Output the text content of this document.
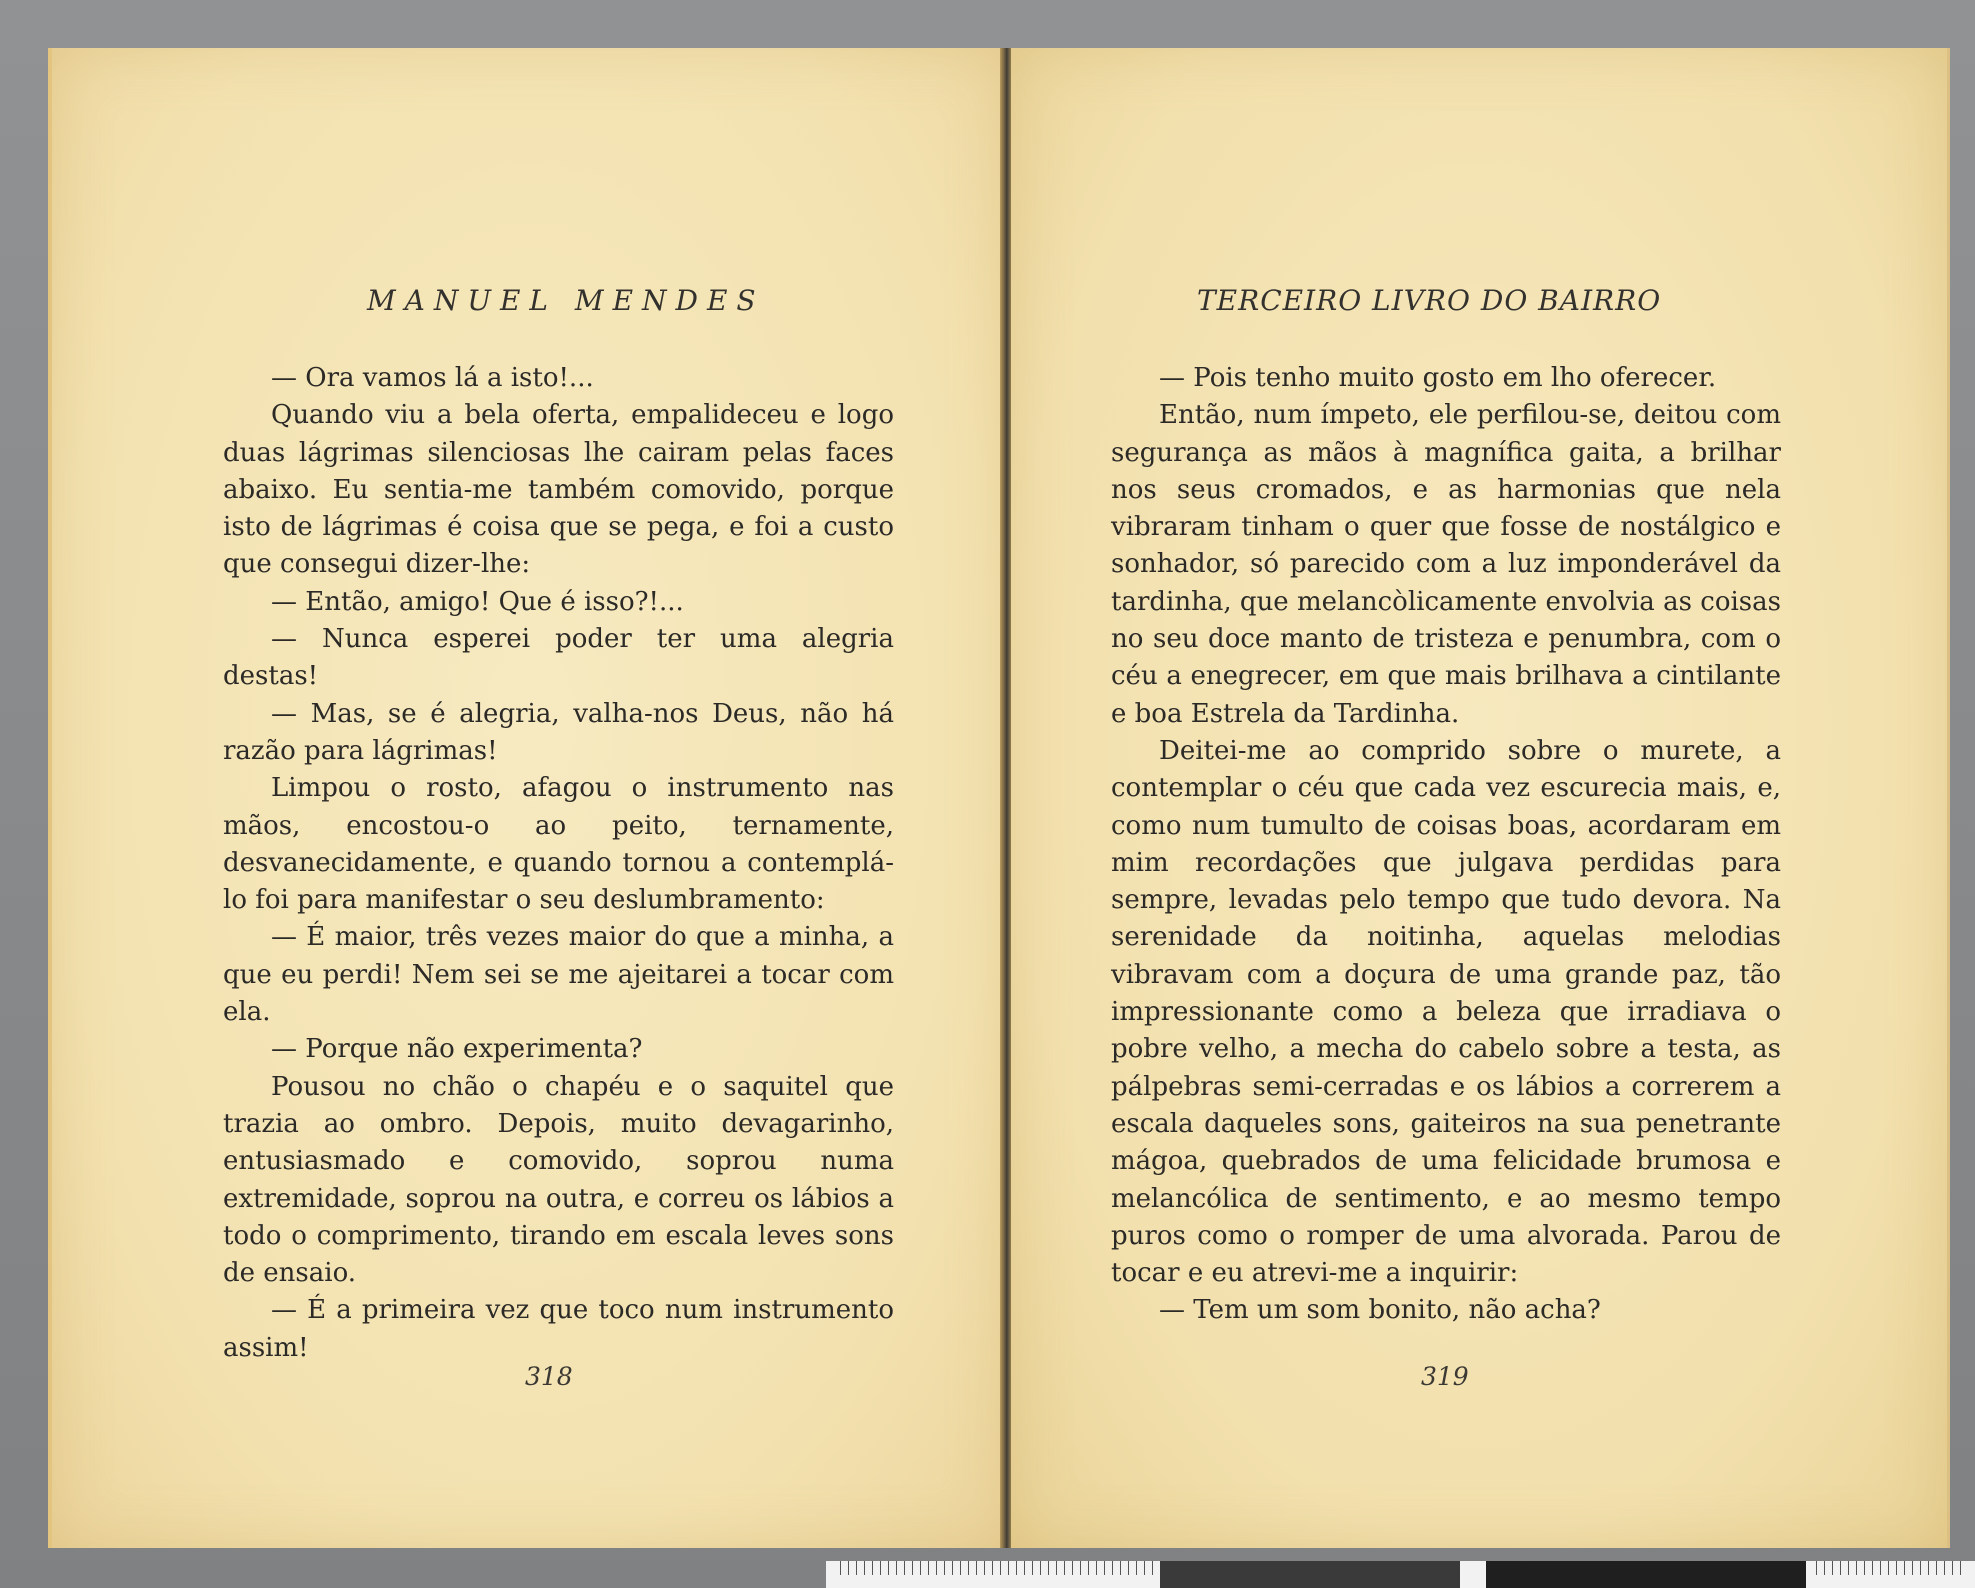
MANUEL MENDES

— Ora vamos lá a isto!...

Quando viu a bela oferta, empalideceu e logo duas lágrimas silenciosas lhe cairam pelas faces abaixo. Eu sentia-me também comovido, porque isto de lágrimas é coisa que se pega, e foi a custo que consegui dizer-lhe:

— Então, amigo! Que é isso?!...

— Nunca esperei poder ter uma alegria destas!

— Mas, se é alegria, valha-nos Deus, não há razão para lágrimas!

Limpou o rosto, afagou o instrumento nas mãos, encostou-o ao peito, ternamente, desvanecidamente, e quando tornou a contemplá-lo foi para manifestar o seu deslumbramento:

— É maior, três vezes maior do que a minha, a que eu perdi! Nem sei se me ajeitarei a tocar com ela.

— Porque não experimenta?

Pousou no chão o chapéu e o saquitel que trazia ao ombro. Depois, muito devagarinho, entusiasmado e comovido, soprou numa extremidade, soprou na outra, e correu os lábios a todo o comprimento, tirando em escala leves sons de ensaio.

— É a primeira vez que toco num instrumento assim!

318
TERCEIRO LIVRO DO BAIRRO

— Pois tenho muito gosto em lho oferecer.

Então, num ímpeto, ele perfilou-se, deitou com segurança as mãos à magnífica gaita, a brilhar nos seus cromados, e as harmonias que nela vibraram tinham o quer que fosse de nostálgico e sonhador, só parecido com a luz imponderável da tardinha, que melancòlicamente envolvia as coisas no seu doce manto de tristeza e penumbra, com o céu a enegrecer, em que mais brilhava a cintilante e boa Estrela da Tardinha.

Deitei-me ao comprido sobre o murete, a contemplar o céu que cada vez escurecia mais, e, como num tumulto de coisas boas, acordaram em mim recordações que julgava perdidas para sempre, levadas pelo tempo que tudo devora. Na serenidade da noitinha, aquelas melodias vibravam com a doçura de uma grande paz, tão impressionante como a beleza que irradiava o pobre velho, a mecha do cabelo sobre a testa, as pálpebras semi-cerradas e os lábios a correrem a escala daqueles sons, gaiteiros na sua penetrante mágoa, quebrados de uma felicidade brumosa e melancólica de sentimento, e ao mesmo tempo puros como o romper de uma alvorada. Parou de tocar e eu atrevi-me a inquirir:

— Tem um som bonito, não acha?

319
